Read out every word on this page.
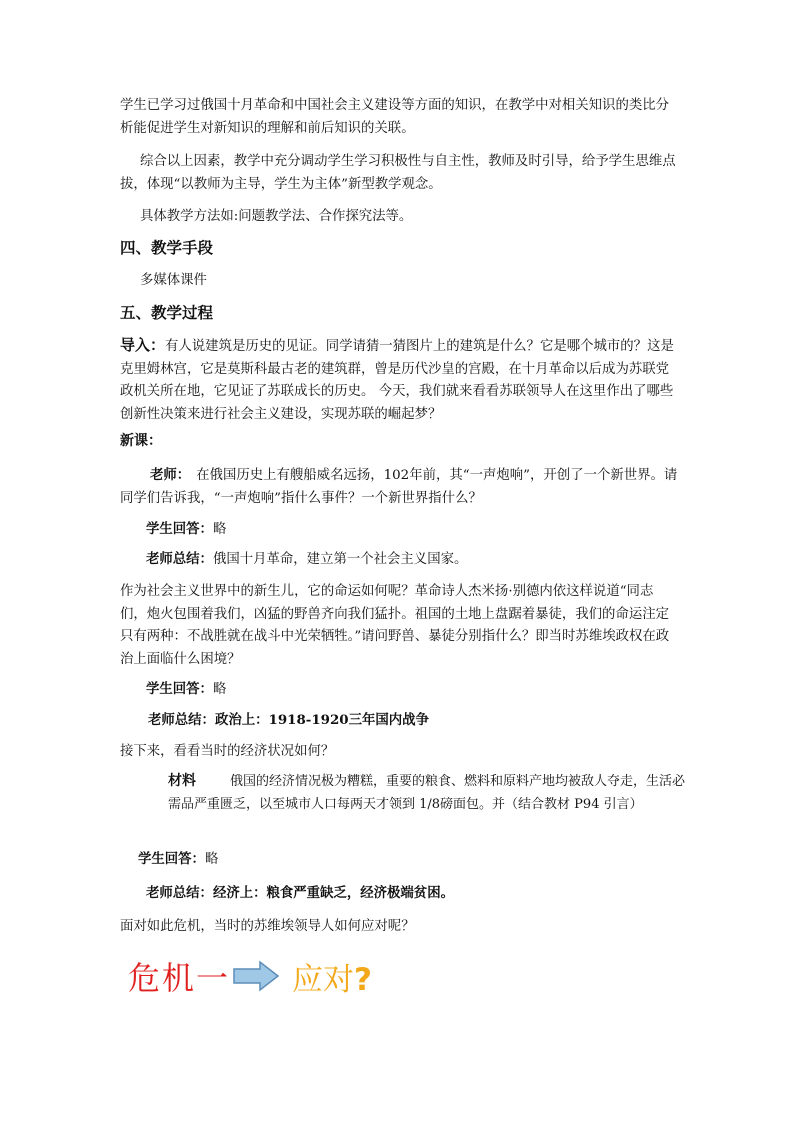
学生已学习过俄国十月革命和中国社会主义建设等方面的知识，在教学中对相关知识的类比分析能促进学生对新知识的理解和前后知识的关联。

综合以上因素，教学中充分调动学生学习积极性与自主性，教师及时引导，给予学生思维点拔，体现“以教师为主导，学生为主体”新型教学观念。

具体教学方法如:问题教学法、合作探究法等。

四、教学手段

多媒体课件

五、教学过程

导入：有人说建筑是历史的见证。同学请猜一猜图片上的建筑是什么？它是哪个城市的？这是克里姆林宫，它是莫斯科最古老的建筑群，曾是历代沙皇的宫殿，在十月革命以后成为苏联党政机关所在地，它见证了苏联成长的历史。 今天，我们就来看看苏联领导人在这里作出了哪些创新性决策来进行社会主义建设，实现苏联的崛起梦？

新课：

老师： 在俄国历史上有艘船威名远扬，102年前，其“一声炮响”，开创了一个新世界。请同学们告诉我，“一声炮响”指什么事件？一个新世界指什么？

学生回答：略

老师总结：俄国十月革命，建立第一个社会主义国家。

作为社会主义世界中的新生儿，它的命运如何呢？革命诗人杰米扬·别德内依这样说道“同志们，炮火包围着我们，凶猛的野兽齐向我们猛扑。祖国的土地上盘踞着暴徒，我们的命运注定只有两种：不战胜就在战斗中光荣牺牲。”请问野兽、暴徒分别指什么？即当时苏维埃政权在政治上面临什么困境？

学生回答：略

老师总结：政治上：1918-1920三年国内战争

接下来，看看当时的经济状况如何？

材料	俄国的经济情况极为糟糕，重要的粮食、燃料和原料产地均被敌人夺走，生活必需品严重匮乏，以至城市人口每两天才领到 1/8磅面包。并（结合教材 P94 引言）

学生回答：略

老师总结：经济上：粮食严重缺乏，经济极端贫困。

面对如此危机，当时的苏维埃领导人如何应对呢？

危机一 应对?
